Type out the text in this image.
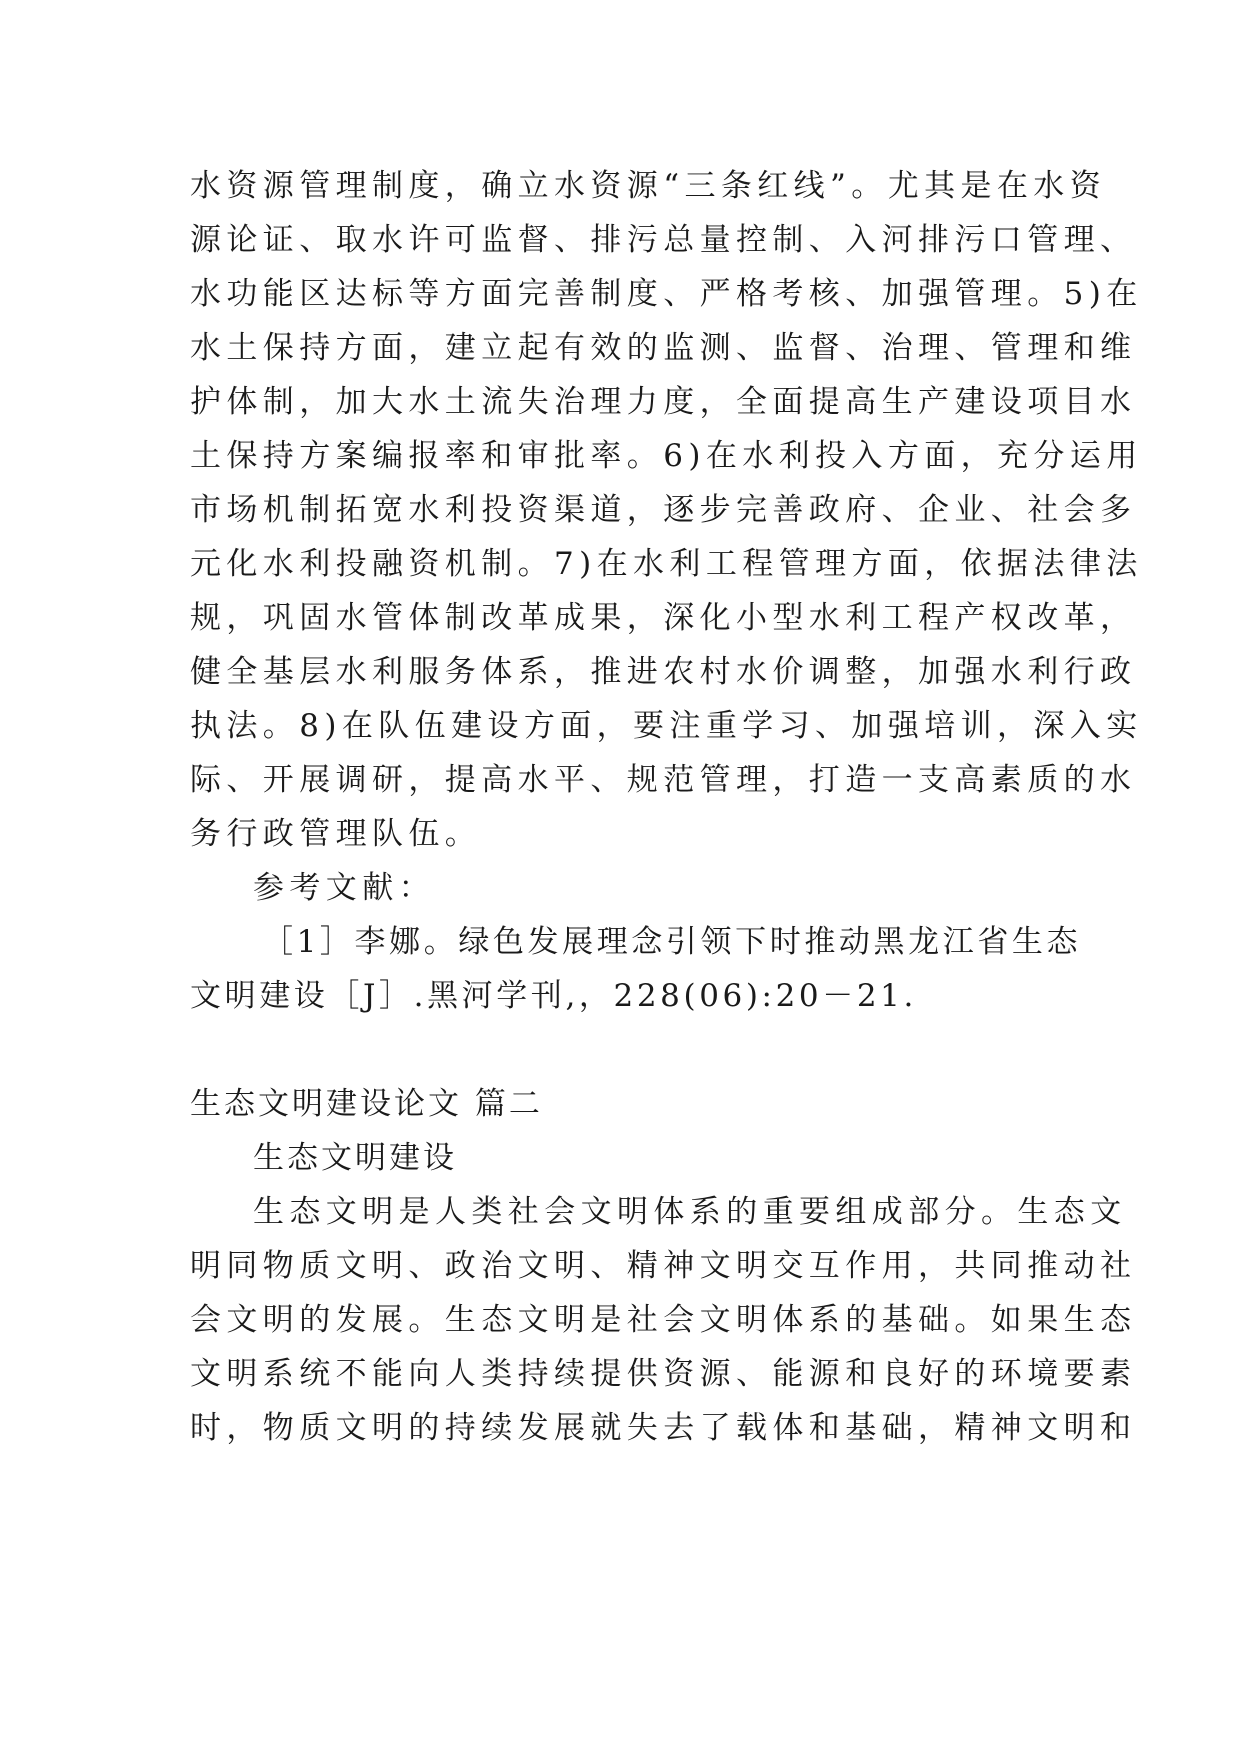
水资源管理制度，确立水资源“三条红线”。尤其是在水资
源论证、取水许可监督、排污总量控制、入河排污口管理、
水功能区达标等方面完善制度、严格考核、加强管理。5)在
水土保持方面，建立起有效的监测、监督、治理、管理和维
护体制，加大水土流失治理力度，全面提高生产建设项目水
土保持方案编报率和审批率。6)在水利投入方面，充分运用
市场机制拓宽水利投资渠道，逐步完善政府、企业、社会多
元化水利投融资机制。7)在水利工程管理方面，依据法律法
规，巩固水管体制改革成果，深化小型水利工程产权改革，
健全基层水利服务体系，推进农村水价调整，加强水利行政
执法。8)在队伍建设方面，要注重学习、加强培训，深入实
际、开展调研，提高水平、规范管理，打造一支高素质的水
务行政管理队伍。
参考文献：
［1］李娜。绿色发展理念引领下时推动黑龙江省生态
文明建设［J］.黑河学刊,，228(06):20－21.
生态文明建设论文 篇二
生态文明建设
生态文明是人类社会文明体系的重要组成部分。生态文
明同物质文明、政治文明、精神文明交互作用，共同推动社
会文明的发展。生态文明是社会文明体系的基础。如果生态
文明系统不能向人类持续提供资源、能源和良好的环境要素
时，物质文明的持续发展就失去了载体和基础，精神文明和
